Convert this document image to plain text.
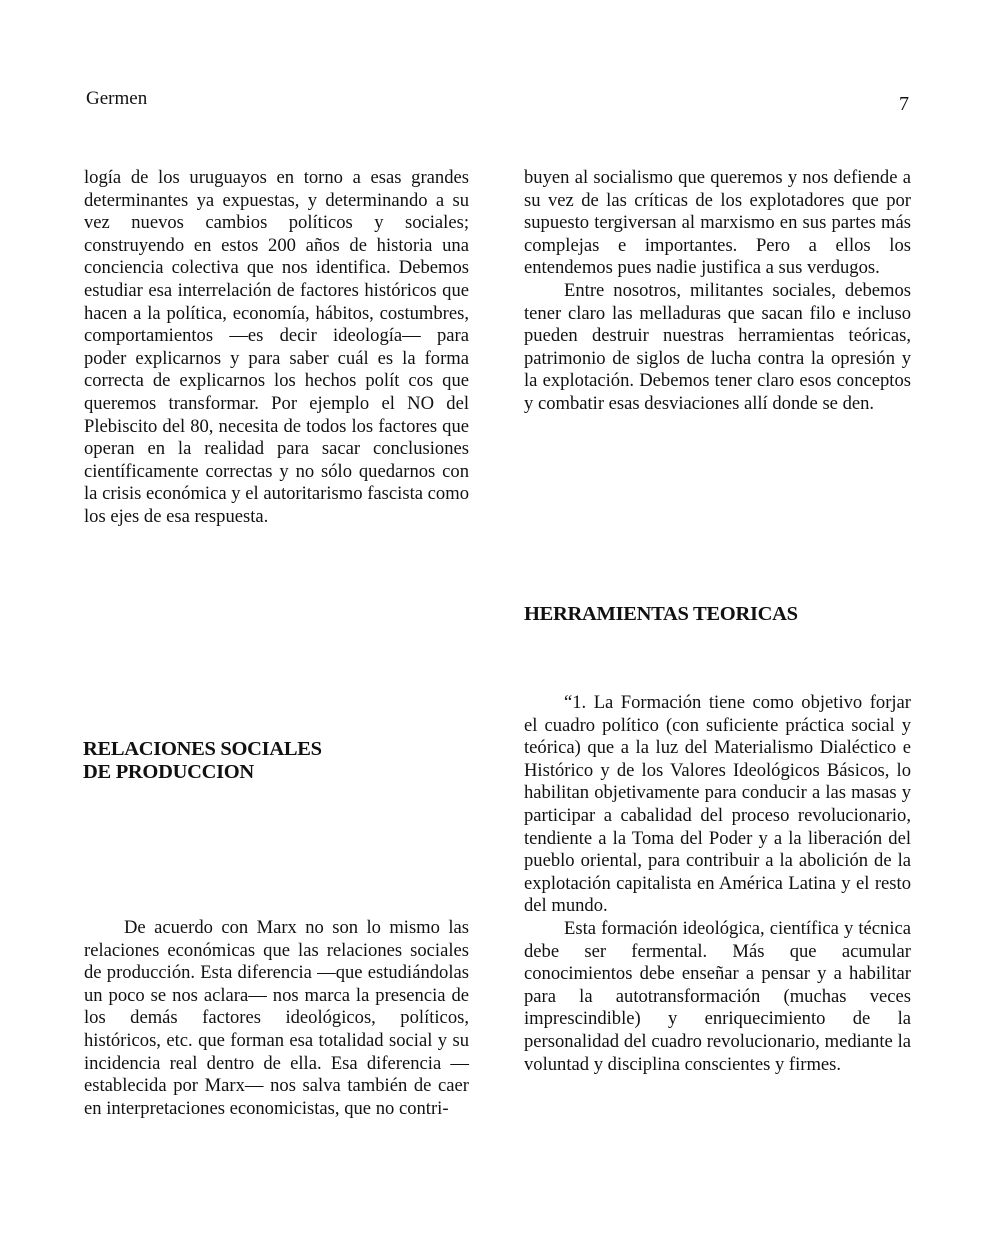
Germen	7

logía de los uruguayos en torno a esas grandes determinantes ya expuestas, y determinando a su vez nuevos cambios políticos y sociales; construyendo en estos 200 años de historia una conciencia colectiva que nos identifica. Debemos estudiar esa interrelación de factores históricos que hacen a la política, economía, hábitos, costumbres, comportamientos —es decir ideología— para poder explicarnos y para saber cuál es la forma correcta de explicarnos los hechos polít cos que queremos transformar. Por ejemplo el NO del Plebiscito del 80, necesita de todos los factores que operan en la realidad para sacar conclusiones científicamente correctas y no sólo quedarnos con la crisis económica y el autoritarismo fascista como los ejes de esa respuesta.

RELACIONES SOCIALES
DE PRODUCCION

De acuerdo con Marx no son lo mismo las relaciones económicas que las relaciones sociales de producción. Esta diferencia —que estudiándolas un poco se nos aclara— nos marca la presencia de los demás factores ideológicos, políticos, históricos, etc. que forman esa totalidad social y su incidencia real dentro de ella. Esa diferencia —establecida por Marx— nos salva también de caer en interpretaciones economicistas, que no contri-

buyen al socialismo que queremos y nos defiende a su vez de las críticas de los explotadores que por supuesto tergiversan al marxismo en sus partes más complejas e importantes. Pero a ellos los entendemos pues nadie justifica a sus verdugos.

Entre nosotros, militantes sociales, debemos tener claro las melladuras que sacan filo e incluso pueden destruir nuestras herramientas teóricas, patrimonio de siglos de lucha contra la opresión y la explotación. Debemos tener claro esos conceptos y combatir esas desviaciones allí donde se den.

HERRAMIENTAS TEORICAS

“1. La Formación tiene como objetivo forjar el cuadro político (con suficiente práctica social y teórica) que a la luz del Materialismo Dialéctico e Histórico y de los Valores Ideológicos Básicos, lo habilitan objetivamente para conducir a las masas y participar a cabalidad del proceso revolucionario, tendiente a la Toma del Poder y a la liberación del pueblo oriental, para contribuir a la abolición de la explotación capitalista en América Latina y el resto del mundo.

Esta formación ideológica, científica y técnica debe ser fermental. Más que acumular conocimientos debe enseñar a pensar y a habilitar para la autotransformación (muchas veces imprescindible) y enriquecimiento de la personalidad del cuadro revolucionario, mediante la voluntad y disciplina conscientes y firmes.
